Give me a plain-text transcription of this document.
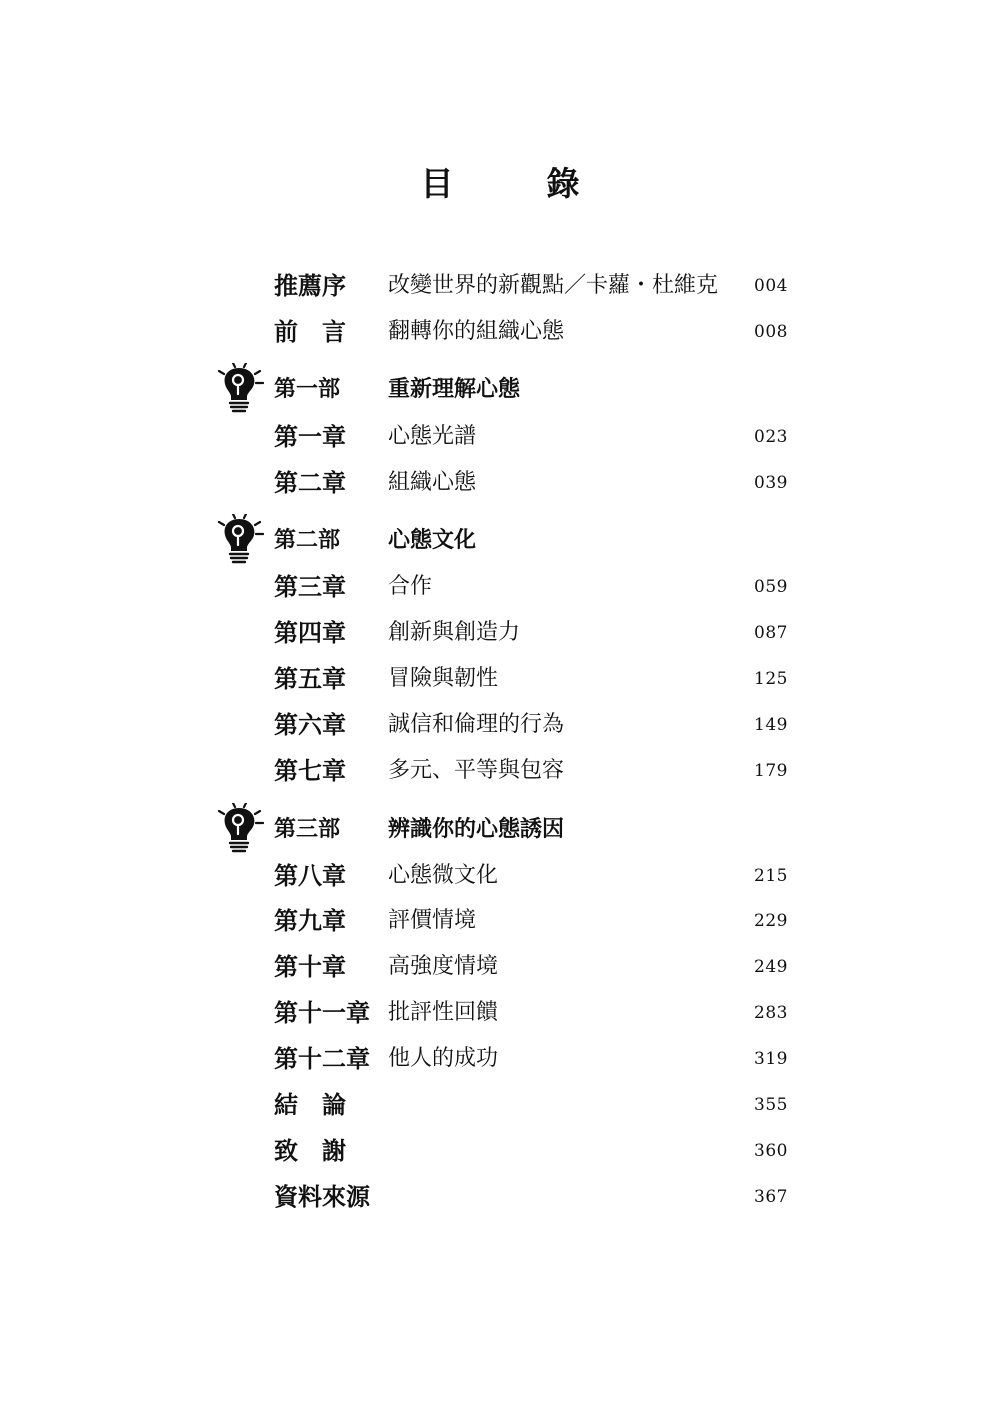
目　錄
推薦序 改變世界的新觀點／卡蘿・杜維克 004
前　言 翻轉你的組織心態	008
第一部 重新理解心態
第一章 心態光譜	023
第二章 組織心態	039
第二部 心態文化
第三章 合作	059
第四章 創新與創造力	087
第五章 冒險與韌性	125
第六章 誠信和倫理的行為	149
第七章 多元、平等與包容	179
第三部 辨識你的心態誘因
第八章 心態微文化	215
第九章 評價情境	229
第十章 高強度情境	249
第十一章 批評性回饋	283
第十二章 他人的成功	319
結　論	355
致　謝	360
資料來源	367
